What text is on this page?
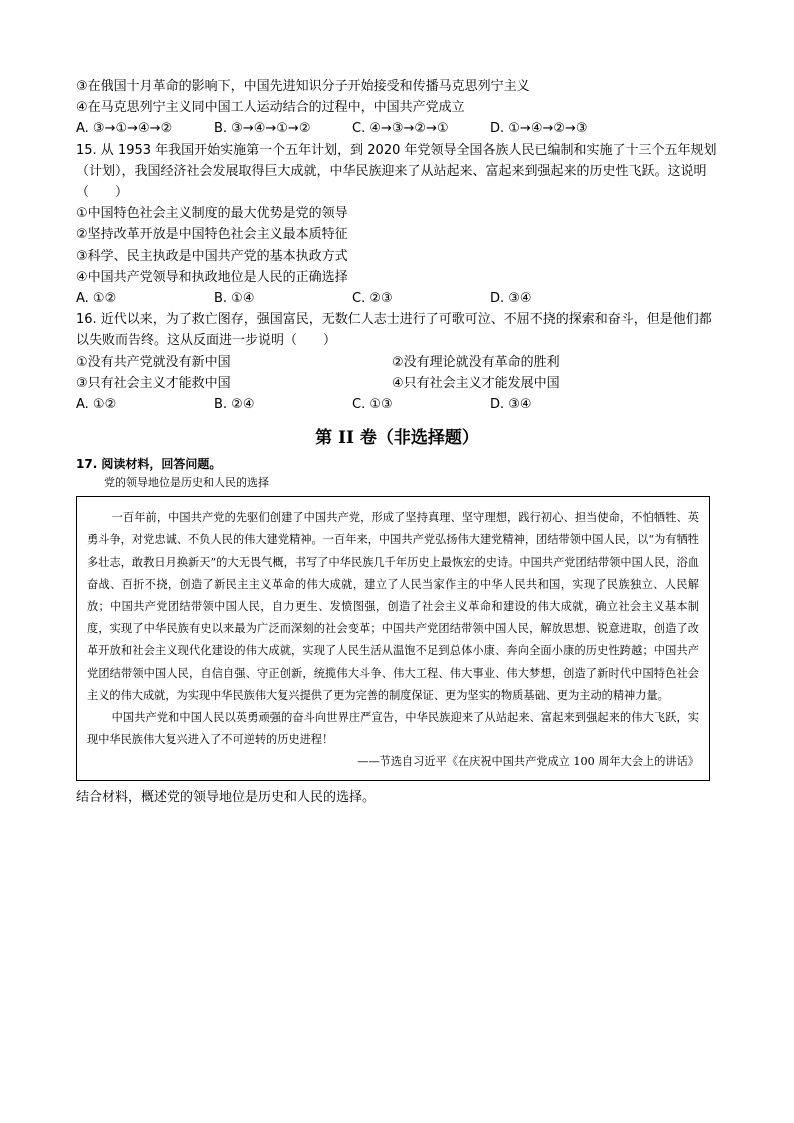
③在俄国十月革命的影响下，中国先进知识分子开始接受和传播马克思列宁主义
④在马克思列宁主义同中国工人运动结合的过程中，中国共产党成立
A. ③→①→④→②	B. ③→④→①→②	C. ④→③→②→①	D. ①→④→②→③
15. 从 1953 年我国开始实施第一个五年计划，到 2020 年党领导全国各族人民已编制和实施了十三个五年规划（计划），我国经济社会发展取得巨大成就，中华民族迎来了从站起来、富起来到强起来的历史性飞跃。这说明（　　）
①中国特色社会主义制度的最大优势是党的领导
②坚持改革开放是中国特色社会主义最本质特征
③科学、民主执政是中国共产党的基本执政方式
④中国共产党领导和执政地位是人民的正确选择
A. ①②	B. ①④	C. ②③	D. ③④
16. 近代以来，为了救亡图存，强国富民，无数仁人志士进行了可歌可泣、不屈不挠的探索和奋斗，但是他们都以失败而告终。这从反面进一步说明（　　）
①没有共产党就没有新中国	②没有理论就没有革命的胜利
③只有社会主义才能救中国	④只有社会主义才能发展中国
A. ①②	B. ②④	C. ①③	D. ③④
第 II 卷（非选择题）
17. 阅读材料，回答问题。
党的领导地位是历史和人民的选择

一百年前，中国共产党的先驱们创建了中国共产党，形成了坚持真理、坚守理想，践行初心、担当使命，不怕牺牲、英勇斗争，对党忠诚、不负人民的伟大建党精神。一百年来，中国共产党弘扬伟大建党精神，团结带领中国人民，以“为有牺牲多壮志，敢教日月换新天”的大无畏气概，书写了中华民族几千年历史上最恢宏的史诗。中国共产党团结带领中国人民，浴血奋战、百折不挠，创造了新民主主义革命的伟大成就，建立了人民当家作主的中华人民共和国，实现了民族独立、人民解放；中国共产党团结带领中国人民，自力更生、发愤图强，创造了社会主义革命和建设的伟大成就，确立社会主义基本制度，实现了中华民族有史以来最为广泛而深刻的社会变革；中国共产党团结带领中国人民，解放思想、锐意进取，创造了改革开放和社会主义现代化建设的伟大成就，实现了人民生活从温饱不足到总体小康、奔向全面小康的历史性跨越；中国共产党团结带领中国人民，自信自强、守正创新，统揽伟大斗争、伟大工程、伟大事业、伟大梦想，创造了新时代中国特色社会主义的伟大成就，为实现中华民族伟大复兴提供了更为完善的制度保证、更为坚实的物质基础、更为主动的精神力量。

中国共产党和中国人民以英勇顽强的奋斗向世界庄严宣告，中华民族迎来了从站起来、富起来到强起来的伟大飞跃，实现中华民族伟大复兴进入了不可逆转的历史进程！

——节选自习近平《在庆祝中国共产党成立 100 周年大会上的讲话》

结合材料，概述党的领导地位是历史和人民的选择。
